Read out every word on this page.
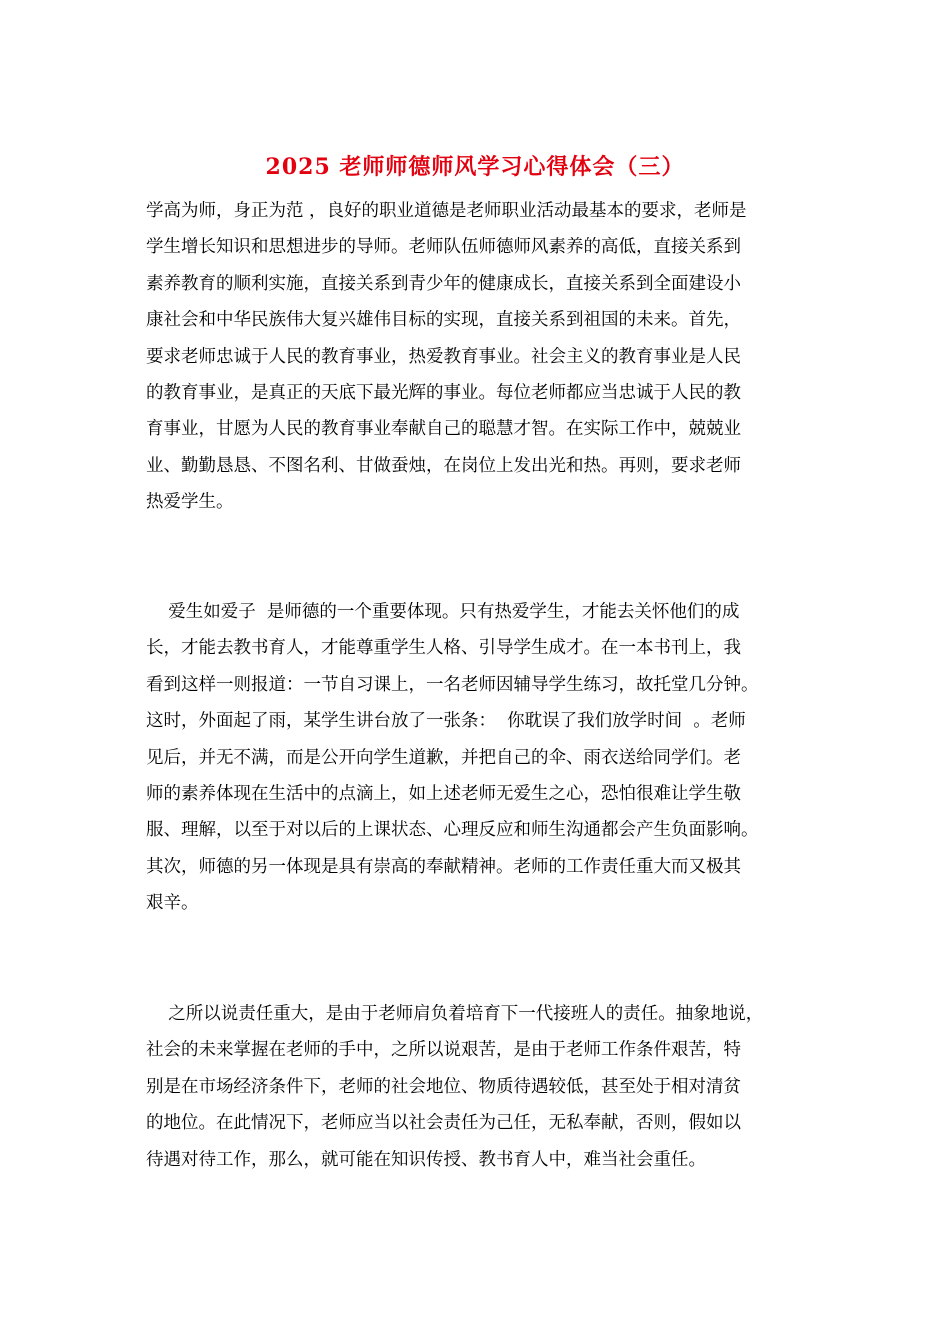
2025 老师师德师风学习心得体会（三）
学高为师，身正为范 ，良好的职业道德是老师职业活动最基本的要求，老师是
学生增长知识和思想进步的导师。老师队伍师德师风素养的高低，直接关系到
素养教育的顺利实施，直接关系到青少年的健康成长，直接关系到全面建设小
康社会和中华民族伟大复兴雄伟目标的实现，直接关系到祖国的未来。首先，
要求老师忠诚于人民的教育事业，热爱教育事业。社会主义的教育事业是人民
的教育事业，是真正的天底下最光辉的事业。每位老师都应当忠诚于人民的教
育事业，甘愿为人民的教育事业奉献自己的聪慧才智。在实际工作中，兢兢业
业、勤勤恳恳、不图名利、甘做蚕烛，在岗位上发出光和热。再则，要求老师
热爱学生。
爱生如爱子  是师德的一个重要体现。只有热爱学生，才能去关怀他们的成
长，才能去教书育人，才能尊重学生人格、引导学生成才。在一本书刊上，我
看到这样一则报道：一节自习课上，一名老师因辅导学生练习，故托堂几分钟。
这时，外面起了雨，某学生讲台放了一张条：  你耽误了我们放学时间  。老师
见后，并无不满，而是公开向学生道歉，并把自己的伞、雨衣送给同学们。老
师的素养体现在生活中的点滴上，如上述老师无爱生之心，恐怕很难让学生敬
服、理解，以至于对以后的上课状态、心理反应和师生沟通都会产生负面影响。
其次，师德的另一体现是具有崇高的奉献精神。老师的工作责任重大而又极其
艰辛。
之所以说责任重大，是由于老师肩负着培育下一代接班人的责任。抽象地说，
社会的未来掌握在老师的手中，之所以说艰苦，是由于老师工作条件艰苦，特
别是在市场经济条件下，老师的社会地位、物质待遇较低，甚至处于相对清贫
的地位。在此情况下，老师应当以社会责任为己任，无私奉献，否则，假如以
待遇对待工作，那么，就可能在知识传授、教书育人中，难当社会重任。
